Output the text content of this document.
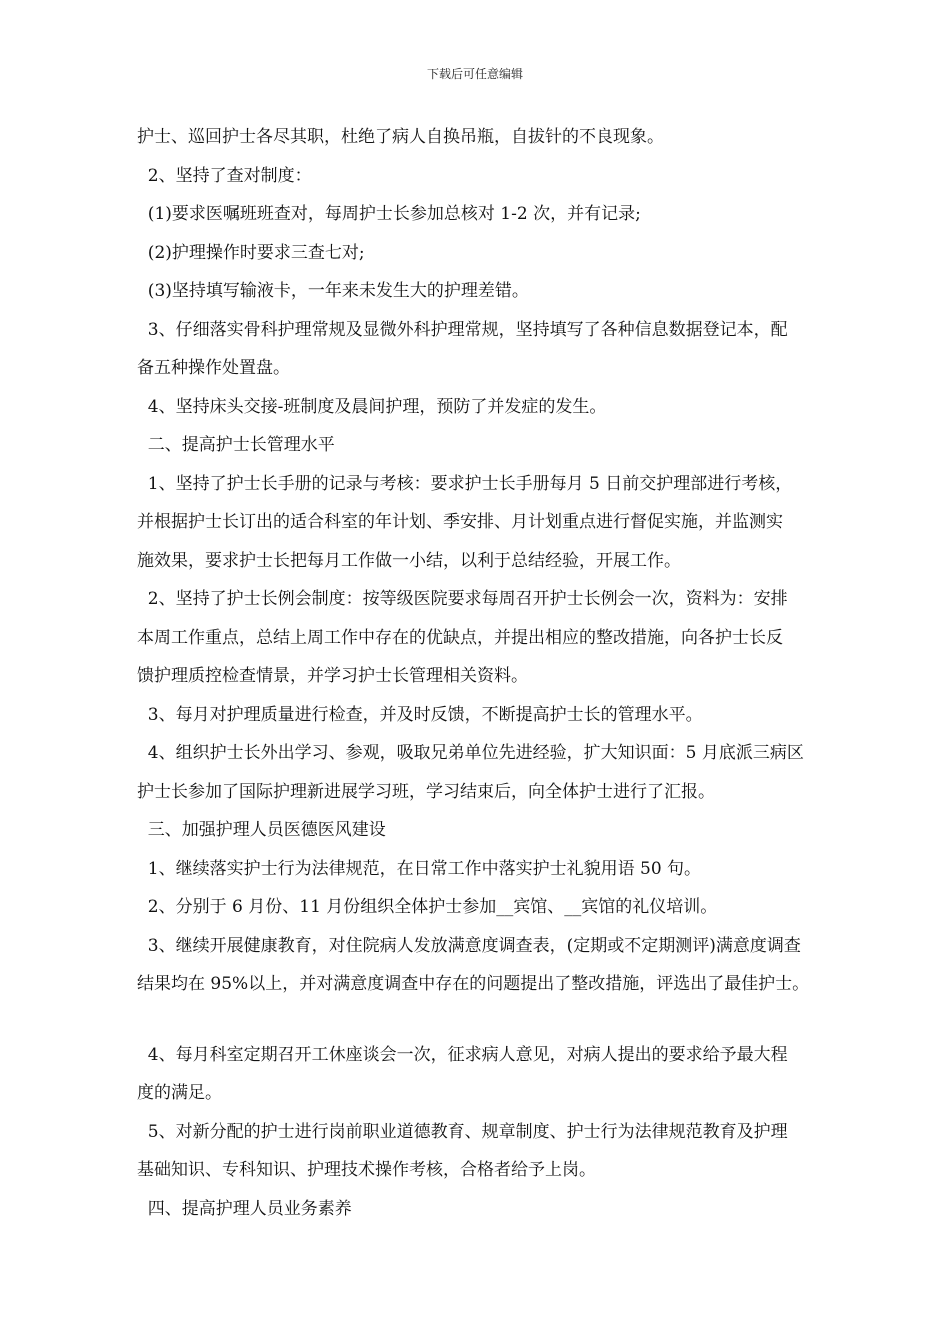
下载后可任意编辑
护士、巡回护士各尽其职，杜绝了病人自换吊瓶，自拔针的不良现象。
2、坚持了查对制度：
(1)要求医嘱班班查对，每周护士长参加总核对 1-2 次，并有记录;
(2)护理操作时要求三查七对;
(3)坚持填写输液卡，一年来未发生大的护理差错。
3、仔细落实骨科护理常规及显微外科护理常规，坚持填写了各种信息数据登记本，配
备五种操作处置盘。
4、坚持床头交接-班制度及晨间护理，预防了并发症的发生。
二、提高护士长管理水平
1、坚持了护士长手册的记录与考核：要求护士长手册每月 5 日前交护理部进行考核，
并根据护士长订出的适合科室的年计划、季安排、月计划重点进行督促实施，并监测实
施效果，要求护士长把每月工作做一小结，以利于总结经验，开展工作。
2、坚持了护士长例会制度：按等级医院要求每周召开护士长例会一次，资料为：安排
本周工作重点，总结上周工作中存在的优缺点，并提出相应的整改措施，向各护士长反
馈护理质控检查情景，并学习护士长管理相关资料。
3、每月对护理质量进行检查，并及时反馈，不断提高护士长的管理水平。
4、组织护士长外出学习、参观，吸取兄弟单位先进经验，扩大知识面：5 月底派三病区
护士长参加了国际护理新进展学习班，学习结束后，向全体护士进行了汇报。
三、加强护理人员医德医风建设
1、继续落实护士行为法律规范，在日常工作中落实护士礼貌用语 50 句。
2、分别于 6 月份、11 月份组织全体护士参加__宾馆、__宾馆的礼仪培训。
3、继续开展健康教育，对住院病人发放满意度调查表，(定期或不定期测评)满意度调查
结果均在 95%以上，并对满意度调查中存在的问题提出了整改措施，评选出了最佳护士。
4、每月科室定期召开工休座谈会一次，征求病人意见，对病人提出的要求给予最大程
度的满足。
5、对新分配的护士进行岗前职业道德教育、规章制度、护士行为法律规范教育及护理
基础知识、专科知识、护理技术操作考核，合格者给予上岗。
四、提高护理人员业务素养
